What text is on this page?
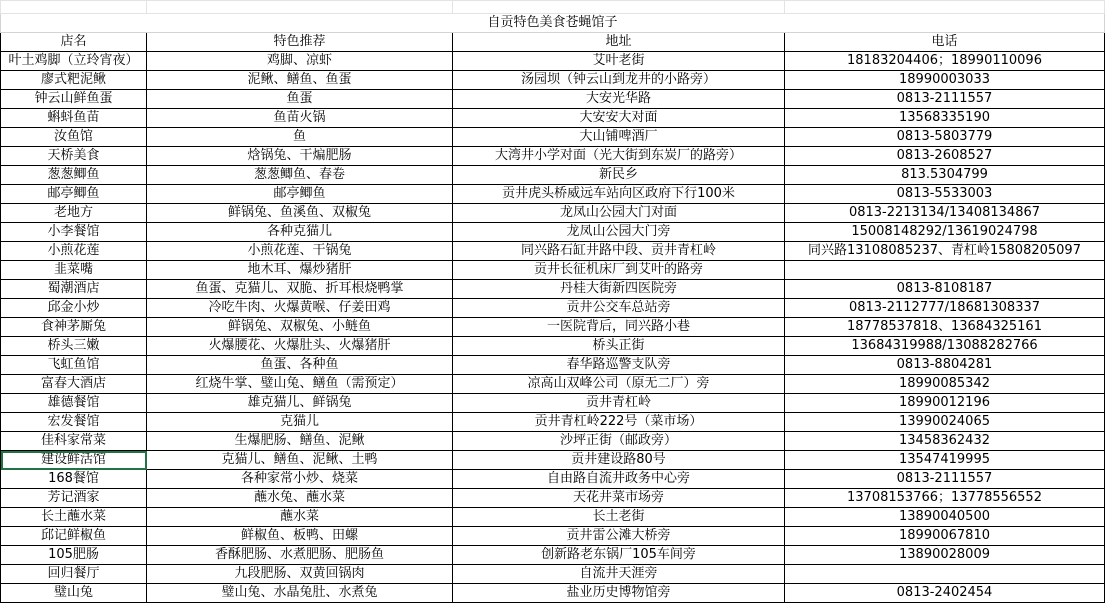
自贡特色美食苍蝇馆子			
店名	特色推荐	地址	电话
叶土鸡脚（立玲宵夜）	鸡脚、凉虾	艾叶老街	18183204406；18990110096
廖式粑泥鳅	泥鳅、鳝鱼、鱼蛋	汤园坝（钟云山到龙井的小路旁）	18990003033
钟云山鲜鱼蛋	鱼蛋	大安光华路	0813-2111557
蝌蚪鱼苗	鱼苗火锅	大安安大对面	13568335190
汝鱼馆	鱼	大山铺啤酒厂	0813-5803779
天桥美食	焓锅兔、干煸肥肠	大湾井小学对面（光大街到东炭厂的路旁）	0813-2608527
葱葱鲫鱼	葱葱鲫鱼、春卷	新民乡	813.5304799
邮亭鲫鱼	邮亭鲫鱼	贡井虎头桥威远车站向区政府下行100米	0813-5533003
老地方	鲜锅兔、鱼溪鱼、双椒兔	龙凤山公园大门对面	0813-2213134/13408134867
小李餐馆	各种克猫儿	龙凤山公园大门旁	15008148292/13619024798
小煎花莲	小煎花莲、干锅兔	同兴路石缸井路中段、贡井青杠岭	同兴路13108085237、青杠岭15808205097
韭菜嘴	地木耳、爆炒猪肝	贡井长征机床厂到艾叶的路旁	
蜀潮酒店	鱼蛋、克猫儿、双脆、折耳根烧鸭掌	丹桂大街新四医院旁	0813-8108187
邱金小炒	冷吃牛肉、火爆黄喉、仔姜田鸡	贡井公交车总站旁	0813-2112777/18681308337
食神茅厮兔	鲜锅兔、双椒兔、小鲢鱼	一医院背后，同兴路小巷	18778537818、13684325161
桥头三嫩	火爆腰花、火爆肚头、火爆猪肝	桥头正街	13684319988/13088282766
飞虹鱼馆	鱼蛋、各种鱼	春华路巡警支队旁	0813-8804281
富春大酒店	红烧牛掌、璧山兔、鳝鱼（需预定）	凉高山双峰公司（原无二厂）旁	18990085342
雄德餐馆	雄克猫儿、鲜锅兔	贡井青杠岭	18990012196
宏发餐馆	克猫儿	贡井青杠岭222号（菜市场）	13990024065
佳科家常菜	生爆肥肠、鳝鱼、泥鳅	沙坪正街（邮政旁）	13458362432
建设鲜活馆	克猫儿、鳝鱼、泥鳅、土鸭	贡井建设路80号	13547419995
168餐馆	各种家常小炒、烧菜	自由路自流井政务中心旁	0813-2111557
芳记酒家	蘸水兔、蘸水菜	天花井菜市场旁	13708153766；13778556552
长土蘸水菜	蘸水菜	长土老街	13890040500
邱记鲜椒鱼	鲜椒鱼、板鸭、田螺	贡井雷公滩大桥旁	18990067810
105肥肠	香酥肥肠、水煮肥肠、肥肠鱼	创新路老东锅厂105车间旁	13890028009
回归餐厅	九段肥肠、双黄回锅肉	自流井天涯旁	
璧山兔	璧山兔、水晶兔肚、水煮兔	盐业历史博物馆旁	0813-2402454
